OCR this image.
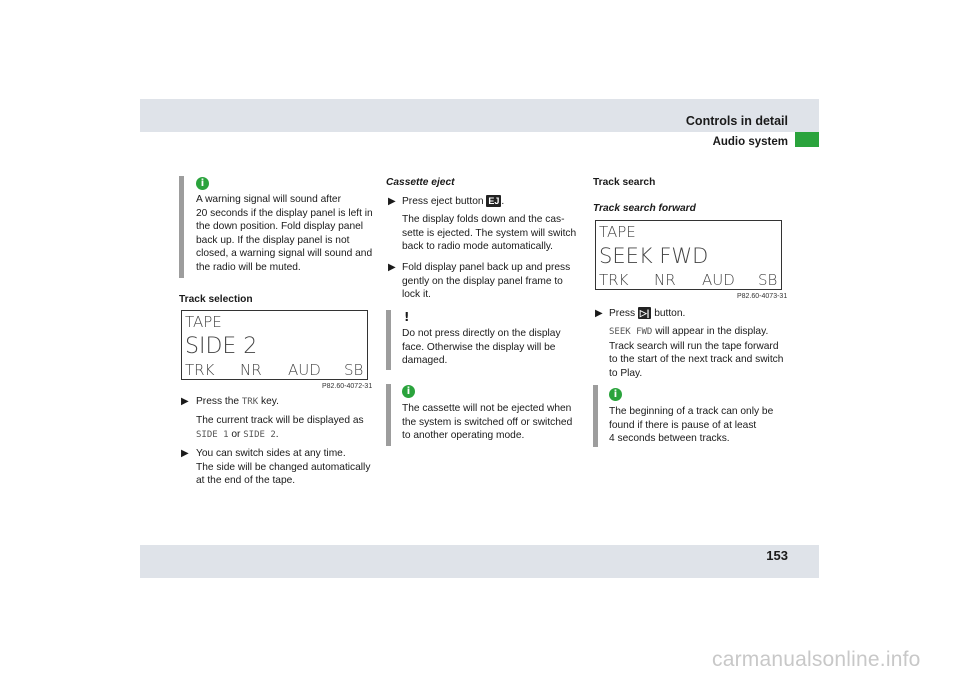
Controls in detail
Audio system
153
carmanualsonline.info
i
A warning signal will sound after
20 seconds if the display panel is left in
the down position. Fold display panel
back up. If the display panel is not
closed, a warning signal will sound and
the radio will be muted.
Track selection
TAPE
SIDE 2
TRK NR AUD SB
P82.60-4072-31
▶ Press the TRK key.
The current track will be displayed as
SIDE 1 or SIDE 2.
▶ You can switch sides at any time.
The side will be changed automatically
at the end of the tape.
Cassette eject
▶ Press eject button EJ .
The display folds down and the cas-
sette is ejected. The system will switch
back to radio mode automatically.
▶ Fold display panel back up and press
gently on the display panel frame to
lock it.
!
Do not press directly on the display
face. Otherwise the display will be
damaged.
i
The cassette will not be ejected when
the system is switched off or switched
to another operating mode.
Track search
Track search forward
TAPE
SEEK FWD
TRK NR AUD SB
P82.60-4073-31
▶ Press ▷| button.
SEEK FWD will appear in the display.
Track search will run the tape forward
to the start of the next track and switch
to Play.
i
The beginning of a track can only be
found if there is pause of at least
4 seconds between tracks.
